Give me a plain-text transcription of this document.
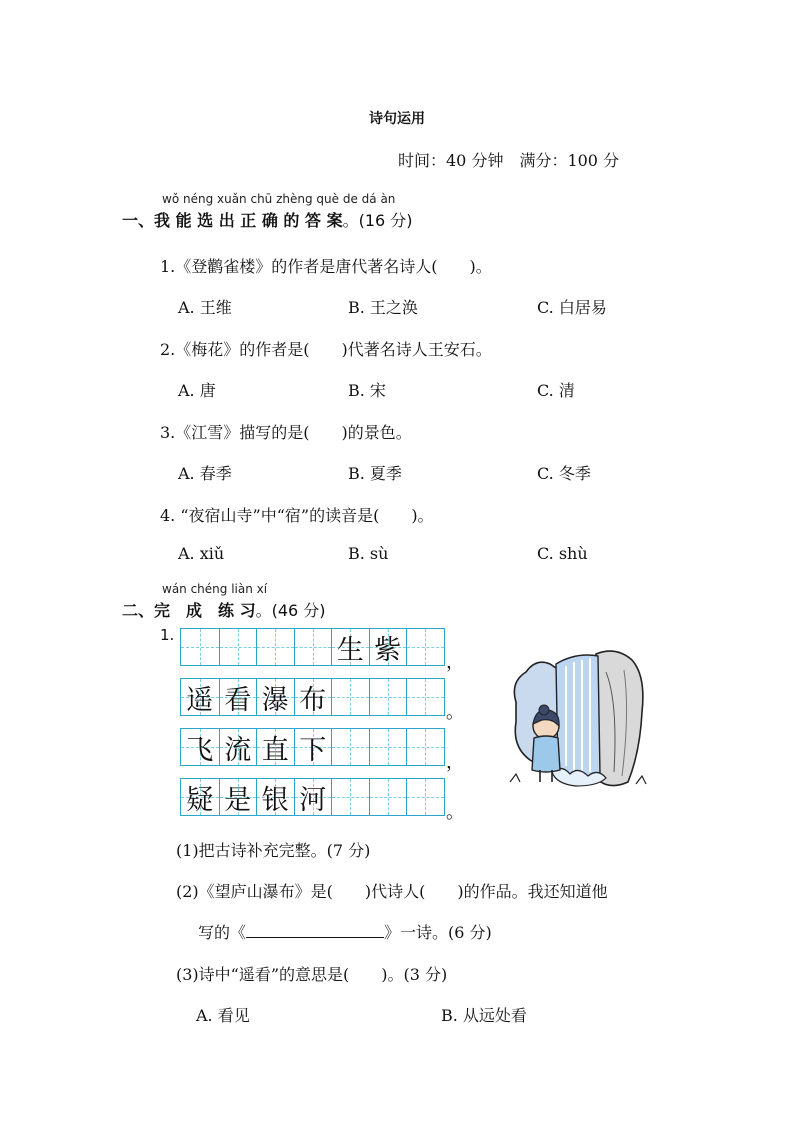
诗句运用
时间：40 分钟　满分：100 分
wǒ néng xuǎn chū zhèng què de dá àn
一、我 能 选 出 正 确 的 答 案。(16 分)
1.《登鹳雀楼》的作者是唐代著名诗人(　　)。
A. 王维	B. 王之涣	C. 白居易
2.《梅花》的作者是(　　)代著名诗人王安石。
A. 唐	B. 宋	C. 清
3.《江雪》描写的是(　　)的景色。
A. 春季	B. 夏季	C. 冬季
4. “夜宿山寺”中“宿”的读音是(　　)。
A. xiǔ	B. sù	C. shù
wán chéng liàn xí
二、完　成　练 习。(46 分)
1.	生 紫 ，
遥 看 瀑 布	。
飞 流 直 下	，
疑 是 银 河	。
(1)把古诗补充完整。(7 分)
(2)《望庐山瀑布》是(　　)代诗人(　　)的作品。我还知道他
写的《	》一诗。(6 分)
(3)诗中“遥看”的意思是(　　)。(3 分)
A. 看见	B. 从远处看
